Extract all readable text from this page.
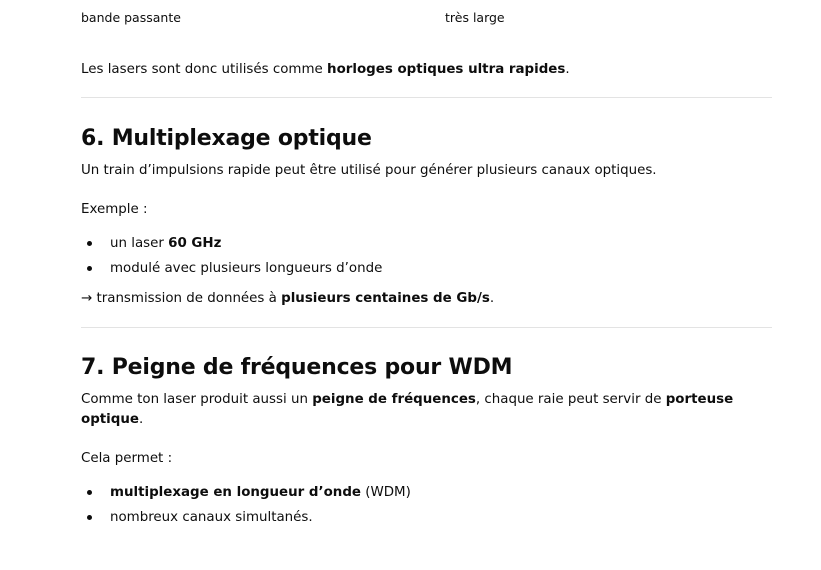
bande passante	très large

Les lasers sont donc utilisés comme horloges optiques ultra rapides.

6. Multiplexage optique

Un train d’impulsions rapide peut être utilisé pour générer plusieurs canaux optiques.

Exemple :

un laser 60 GHz
modulé avec plusieurs longueurs d’onde

→ transmission de données à plusieurs centaines de Gb/s.

7. Peigne de fréquences pour WDM

Comme ton laser produit aussi un peigne de fréquences, chaque raie peut servir de porteuse optique.

Cela permet :

multiplexage en longueur d’onde (WDM)
nombreux canaux simultanés.
